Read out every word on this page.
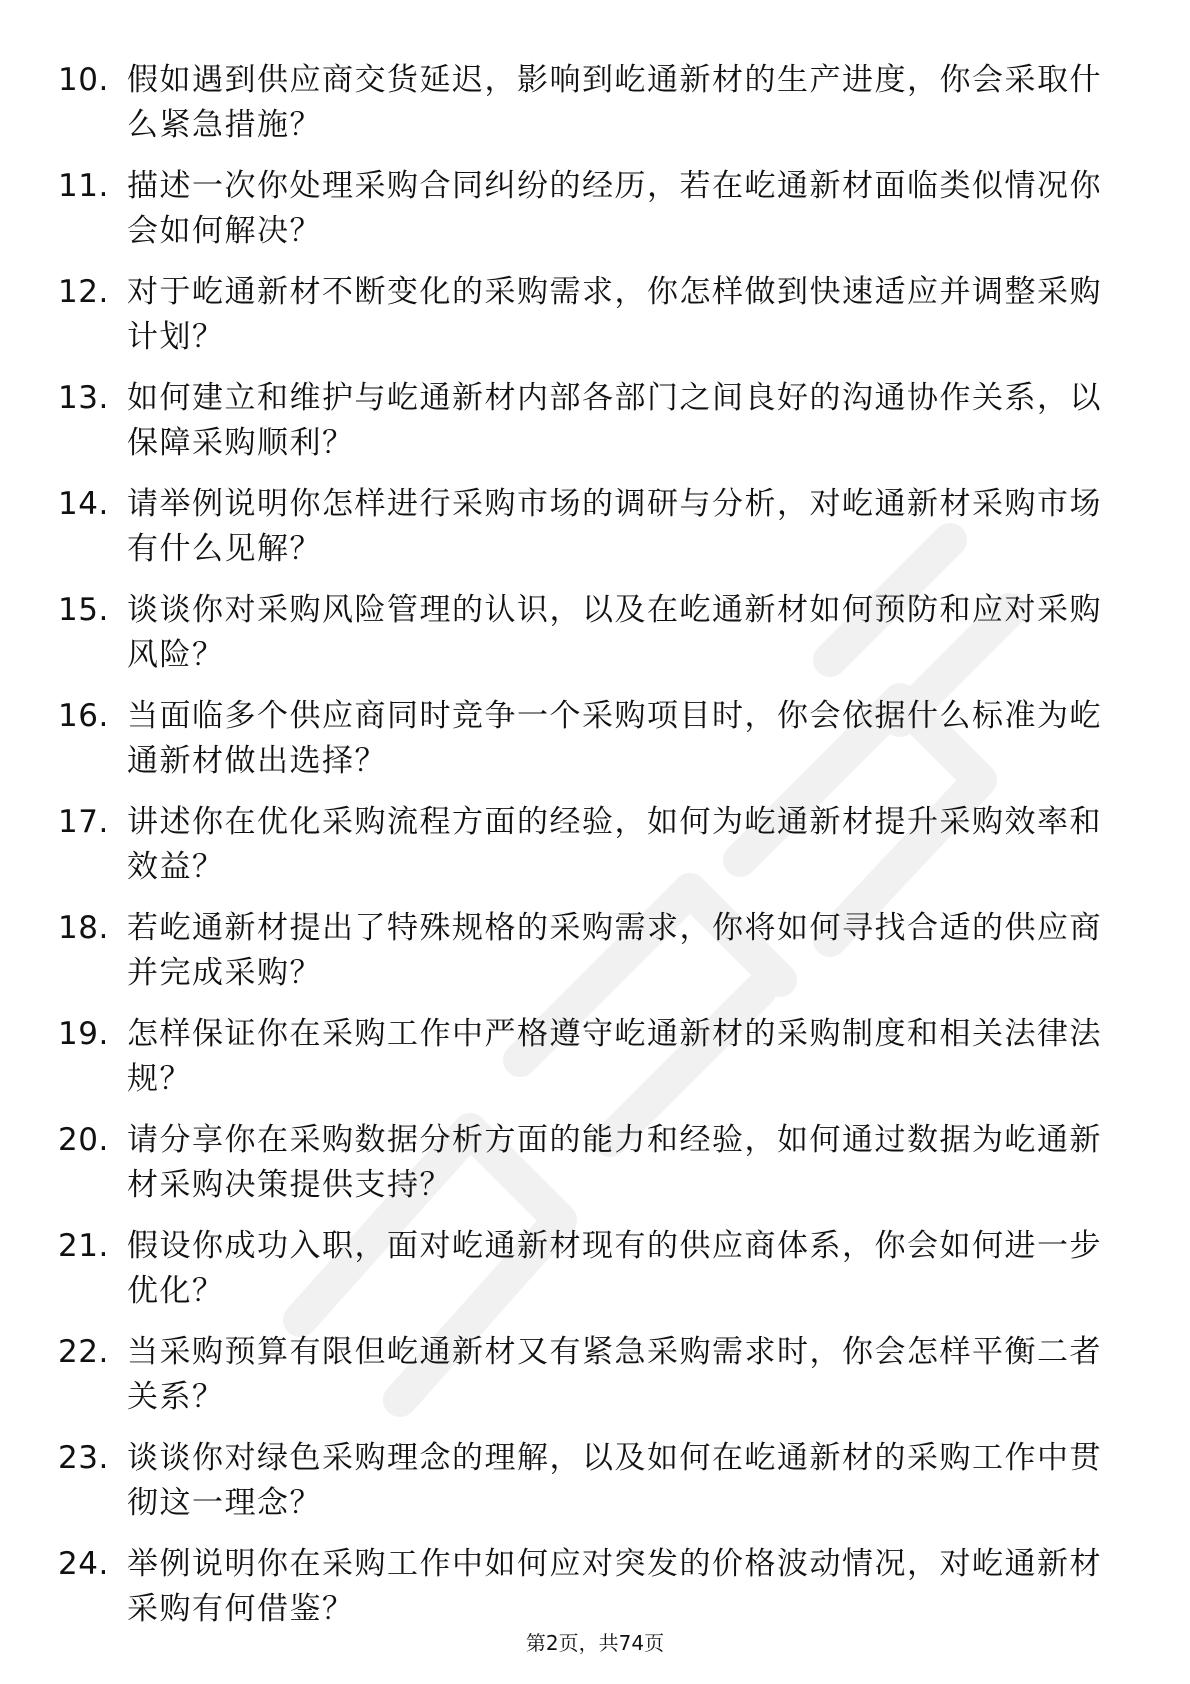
10. 假如遇到供应商交货延迟，影响到屹通新材的生产进度，你会采取什么紧急措施？
11. 描述一次你处理采购合同纠纷的经历，若在屹通新材面临类似情况你会如何解决？
12. 对于屹通新材不断变化的采购需求，你怎样做到快速适应并调整采购计划？
13. 如何建立和维护与屹通新材内部各部门之间良好的沟通协作关系，以保障采购顺利？
14. 请举例说明你怎样进行采购市场的调研与分析，对屹通新材采购市场有什么见解？
15. 谈谈你对采购风险管理的认识，以及在屹通新材如何预防和应对采购风险？
16. 当面临多个供应商同时竞争一个采购项目时，你会依据什么标准为屹通新材做出选择？
17. 讲述你在优化采购流程方面的经验，如何为屹通新材提升采购效率和效益？
18. 若屹通新材提出了特殊规格的采购需求，你将如何寻找合适的供应商并完成采购？
19. 怎样保证你在采购工作中严格遵守屹通新材的采购制度和相关法律法规？
20. 请分享你在采购数据分析方面的能力和经验，如何通过数据为屹通新材采购决策提供支持？
21. 假设你成功入职，面对屹通新材现有的供应商体系，你会如何进一步优化？
22. 当采购预算有限但屹通新材又有紧急采购需求时，你会怎样平衡二者关系？
23. 谈谈你对绿色采购理念的理解，以及如何在屹通新材的采购工作中贯彻这一理念？
24. 举例说明你在采购工作中如何应对突发的价格波动情况，对屹通新材采购有何借鉴？
第2页，共74页
